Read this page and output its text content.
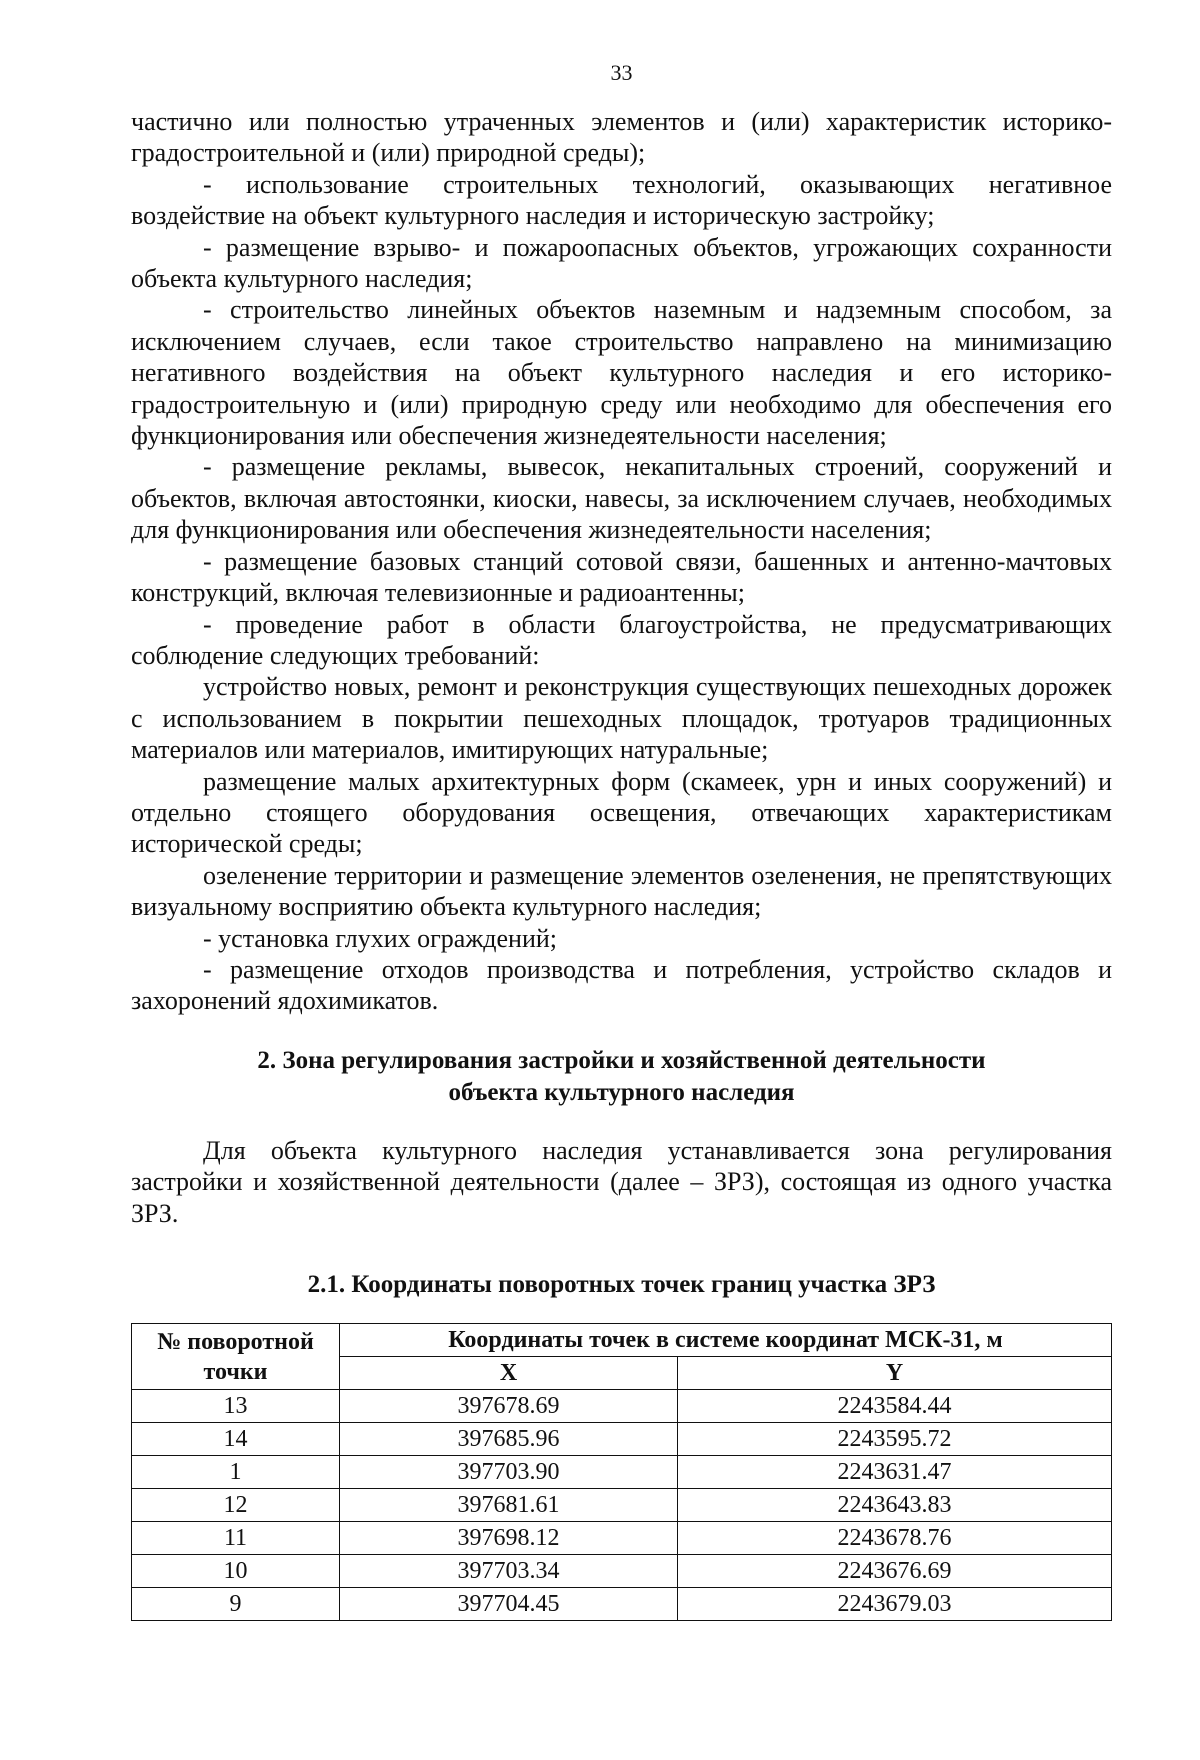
33

частично или полностью утраченных элементов и (или) характеристик историко-градостроительной и (или) природной среды);

- использование строительных технологий, оказывающих негативное воздействие на объект культурного наследия и историческую застройку;

- размещение взрыво- и пожароопасных объектов, угрожающих сохранности объекта культурного наследия;

- строительство линейных объектов наземным и надземным способом, за исключением случаев, если такое строительство направлено на минимизацию негативного воздействия на объект культурного наследия и его историко-градостроительную и (или) природную среду или необходимо для обеспечения его функционирования или обеспечения жизнедеятельности населения;

- размещение рекламы, вывесок, некапитальных строений, сооружений и объектов, включая автостоянки, киоски, навесы, за исключением случаев, необходимых для функционирования или обеспечения жизнедеятельности населения;

- размещение базовых станций сотовой связи, башенных и антенно-мачтовых конструкций, включая телевизионные и радиоантенны;

- проведение работ в области благоустройства, не предусматривающих соблюдение следующих требований:

устройство новых, ремонт и реконструкция существующих пешеходных дорожек с использованием в покрытии пешеходных площадок, тротуаров традиционных материалов или материалов, имитирующих натуральные;

размещение малых архитектурных форм (скамеек, урн и иных сооружений) и отдельно стоящего оборудования освещения, отвечающих характеристикам исторической среды;

озеленение территории и размещение элементов озеленения, не препятствующих визуальному восприятию объекта культурного наследия;

- установка глухих ограждений;

- размещение отходов производства и потребления, устройство складов и захоронений ядохимикатов.

2. Зона регулирования застройки и хозяйственной деятельности
объекта культурного наследия

Для объекта культурного наследия устанавливается зона регулирования застройки и хозяйственной деятельности (далее – ЗРЗ), состоящая из одного участка ЗРЗ.

2.1. Координаты поворотных точек границ участка ЗРЗ
№ поворотной точки	Координаты точек в системе координат МСК-31, м	
	X	Y
13	397678.69	2243584.44
14	397685.96	2243595.72
1	397703.90	2243631.47
12	397681.61	2243643.83
11	397698.12	2243678.76
10	397703.34	2243676.69
9	397704.45	2243679.03
